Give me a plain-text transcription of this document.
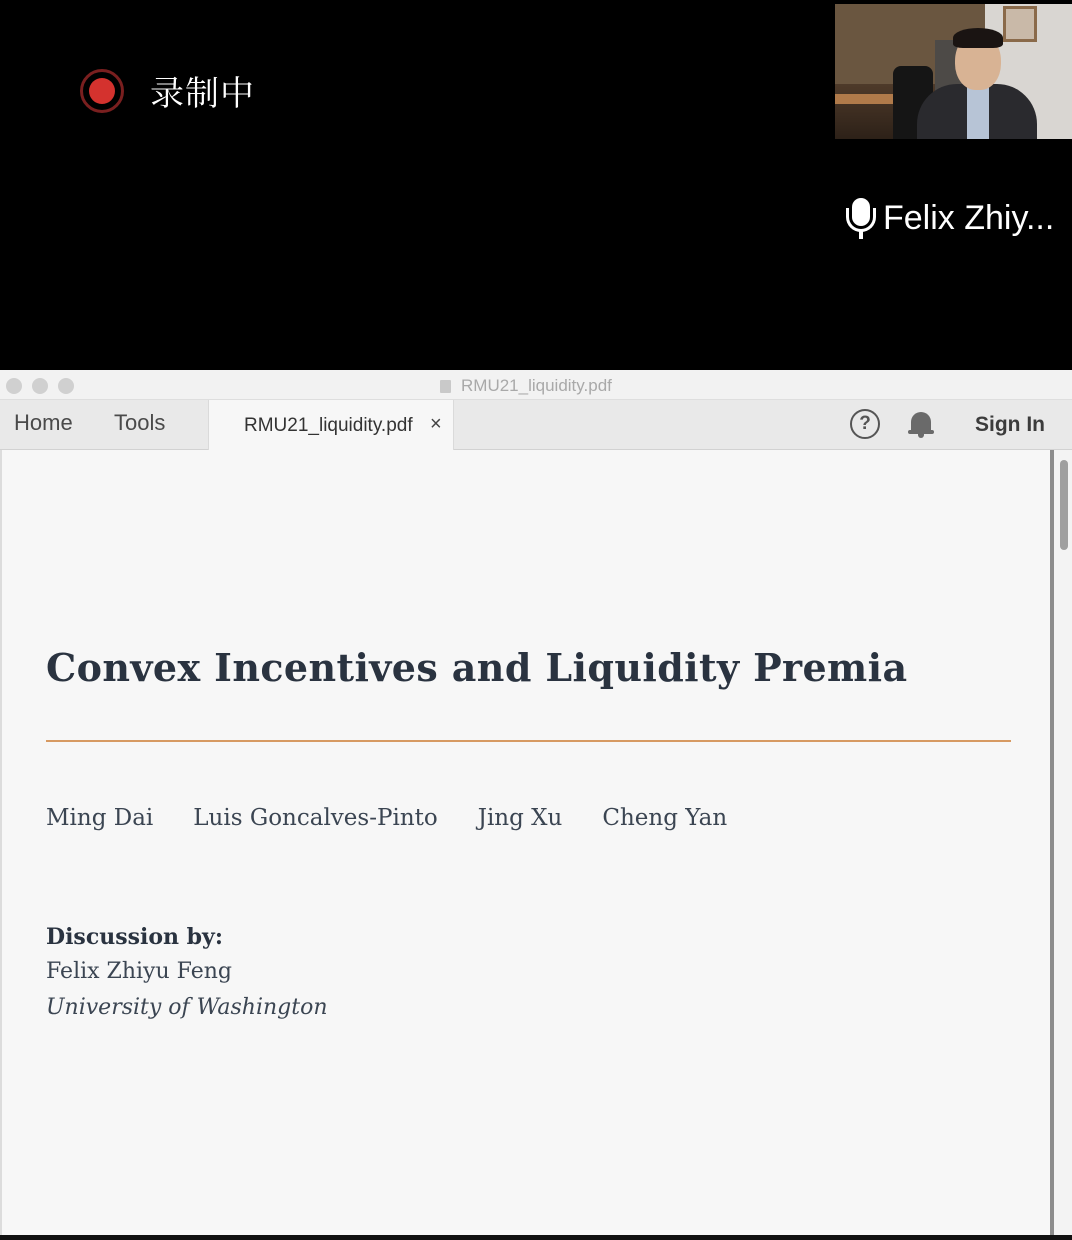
录制中
Felix Zhiy...
RMU21_liquidity.pdf
Home Tools	RMU21_liquidity.pdf ×	?	Sign In
Convex Incentives and Liquidity Premia
Ming Dai Luis Goncalves-Pinto Jing Xu Cheng Yan
Discussion by:
Felix Zhiyu Feng
University of Washington
